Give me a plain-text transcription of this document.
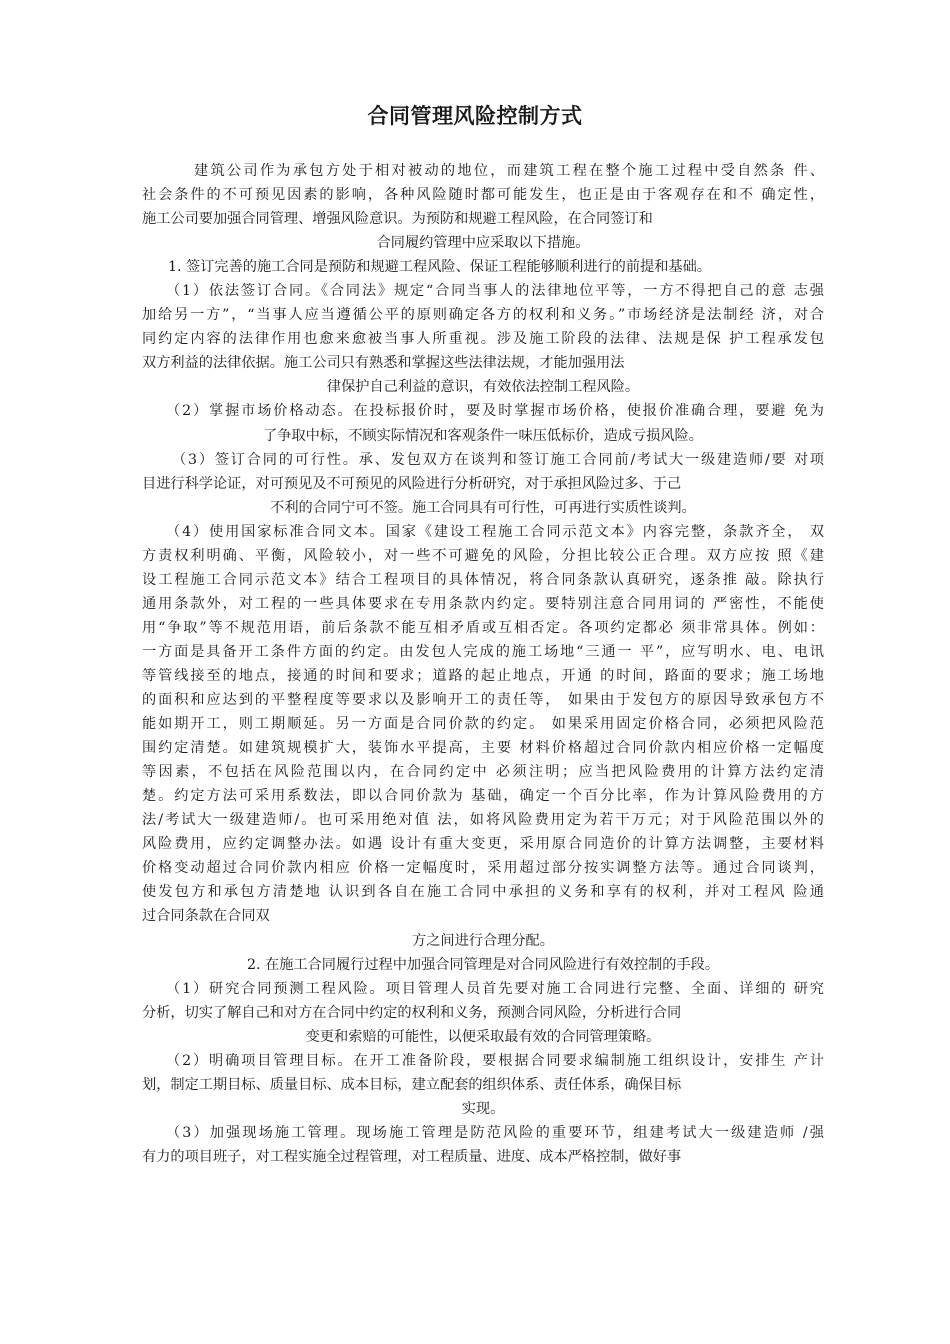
合同管理风险控制方式
建筑公司作为承包方处于相对被动的地位，而建筑工程在整个施工过程中受自然条 件、
社会条件的不可预见因素的影响，各种风险随时都可能发生，也正是由于客观存在和不 确定性，
施工公司要加强合同管理、增强风险意识。为预防和规避工程风险，在合同签订和
合同履约管理中应采取以下措施。
1. 签订完善的施工合同是预防和规避工程风险、保证工程能够顺利进行的前提和基础。
（1）依法签订合同。《合同法》规定“合同当事人的法律地位平等，一方不得把自己的意 志强
加给另一方”，“当事人应当遵循公平的原则确定各方的权利和义务。”市场经济是法制经 济，对合
同约定内容的法律作用也愈来愈被当事人所重视。涉及施工阶段的法律、法规是保 护工程承发包
双方利益的法律依据。施工公司只有熟悉和掌握这些法律法规，才能加强用法
律保护自己利益的意识，有效依法控制工程风险。
（2）掌握市场价格动态。在投标报价时，要及时掌握市场价格，使报价准确合理，要避 免为
了争取中标，不顾实际情况和客观条件一味压低标价，造成亏损风险。
（3）签订合同的可行性。承、发包双方在谈判和签订施工合同前/考试大一级建造师/要 对项
目进行科学论证，对可预见及不可预见的风险进行分析研究，对于承担风险过多、于己
不利的合同宁可不签。施工合同具有可行性，可再进行实质性谈判。
（4）使用国家标准合同文本。国家《建设工程施工合同示范文本》内容完整，条款齐全， 双
方责权利明确、平衡，风险较小，对一些不可避免的风险，分担比较公正合理。双方应按 照《建
设工程施工合同示范文本》结合工程项目的具体情况，将合同条款认真研究，逐条推 敲。除执行
通用条款外，对工程的一些具体要求在专用条款内约定。要特别注意合同用词的 严密性，不能使
用“争取”等不规范用语，前后条款不能互相矛盾或互相否定。各项约定都必 须非常具体。例如：
一方面是具备开工条件方面的约定。由发包人完成的施工场地“三通一 平”，应写明水、电、电讯
等管线接至的地点，接通的时间和要求；道路的起止地点，开通 的时间，路面的要求；施工场地
的面积和应达到的平整程度等要求以及影响开工的责任等， 如果由于发包方的原因导致承包方不
能如期开工，则工期顺延。另一方面是合同价款的约定。 如果采用固定价格合同，必须把风险范
围约定清楚。如建筑规模扩大，装饰水平提高，主要 材料价格超过合同价款内相应价格一定幅度
等因素，不包括在风险范围以内，在合同约定中 必须注明；应当把风险费用的计算方法约定清
楚。约定方法可采用系数法，即以合同价款为 基础，确定一个百分比率，作为计算风险费用的方
法/考试大一级建造师/。也可采用绝对值 法，如将风险费用定为若干万元；对于风险范围以外的
风险费用，应约定调整办法。如遇 设计有重大变更，采用原合同造价的计算方法调整，主要材料
价格变动超过合同价款内相应 价格一定幅度时，采用超过部分按实调整方法等。通过合同谈判，
使发包方和承包方清楚地 认识到各自在施工合同中承担的义务和享有的权利，并对工程风 险通
过合同条款在合同双
方之间进行合理分配。
2. 在施工合同履行过程中加强合同管理是对合同风险进行有效控制的手段。
（1）研究合同预测工程风险。项目管理人员首先要对施工合同进行完整、全面、详细的 研究
分析，切实了解自己和对方在合同中约定的权利和义务，预测合同风险，分析进行合同
变更和索赔的可能性，以便采取最有效的合同管理策略。
（2）明确项目管理目标。在开工准备阶段，要根据合同要求编制施工组织设计，安排生 产计
划，制定工期目标、质量目标、成本目标，建立配套的组织体系、责任体系，确保目标
实现。
（3）加强现场施工管理。现场施工管理是防范风险的重要环节，组建考试大一级建造师 /强
有力的项目班子，对工程实施全过程管理，对工程质量、进度、成本严格控制，做好事
